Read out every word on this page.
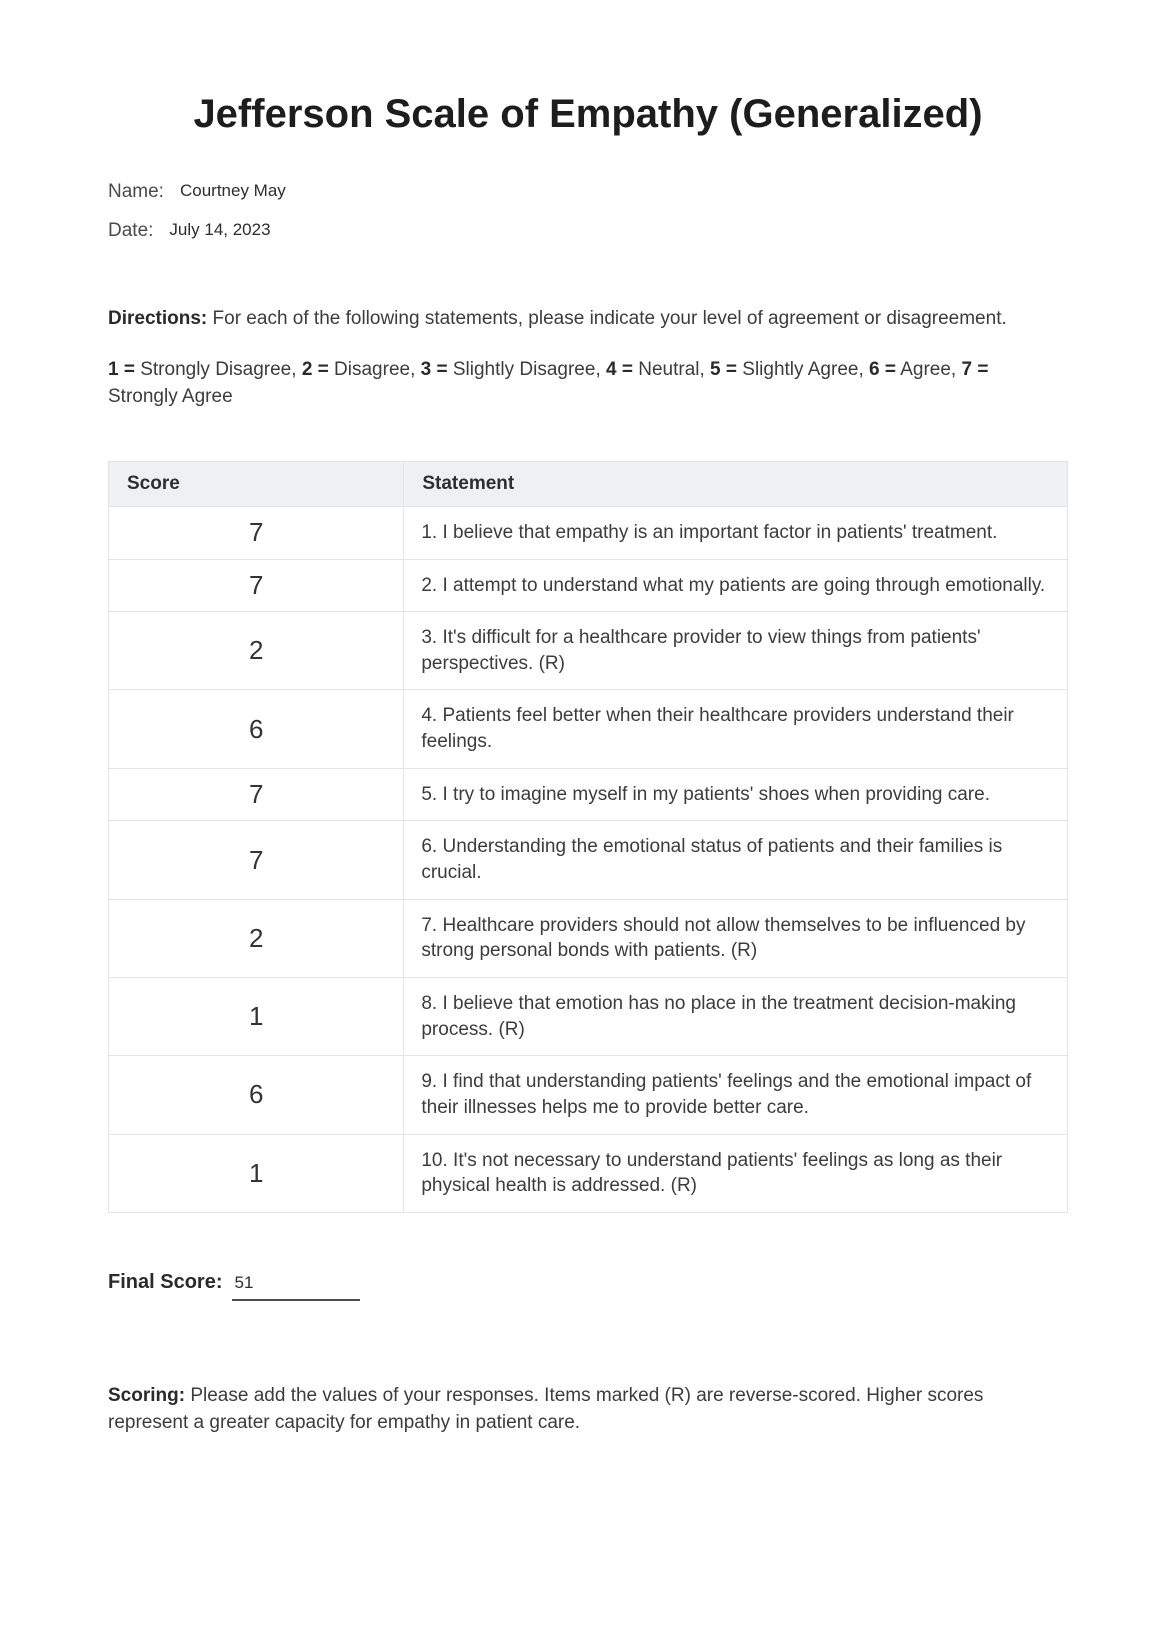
Jefferson Scale of Empathy (Generalized)
Name: Courtney May
Date: July 14, 2023

Directions: For each of the following statements, please indicate your level of agreement or disagreement.

1 = Strongly Disagree, 2 = Disagree, 3 = Slightly Disagree, 4 = Neutral, 5 = Slightly Agree, 6 = Agree, 7 = Strongly Agree

Score	Statement
7	1. I believe that empathy is an important factor in patients' treatment.
7	2. I attempt to understand what my patients are going through emotionally.
2	3. It's difficult for a healthcare provider to view things from patients' perspectives. (R)
6	4. Patients feel better when their healthcare providers understand their feelings.
7	5. I try to imagine myself in my patients' shoes when providing care.
7	6. Understanding the emotional status of patients and their families is crucial.
2	7. Healthcare providers should not allow themselves to be influenced by strong personal bonds with patients. (R)
1	8. I believe that emotion has no place in the treatment decision-making process. (R)
6	9. I find that understanding patients' feelings and the emotional impact of their illnesses helps me to provide better care.
1	10. It's not necessary to understand patients' feelings as long as their physical health is addressed. (R)

Final Score: 51

Scoring: Please add the values of your responses. Items marked (R) are reverse-scored. Higher scores represent a greater capacity for empathy in patient care.
